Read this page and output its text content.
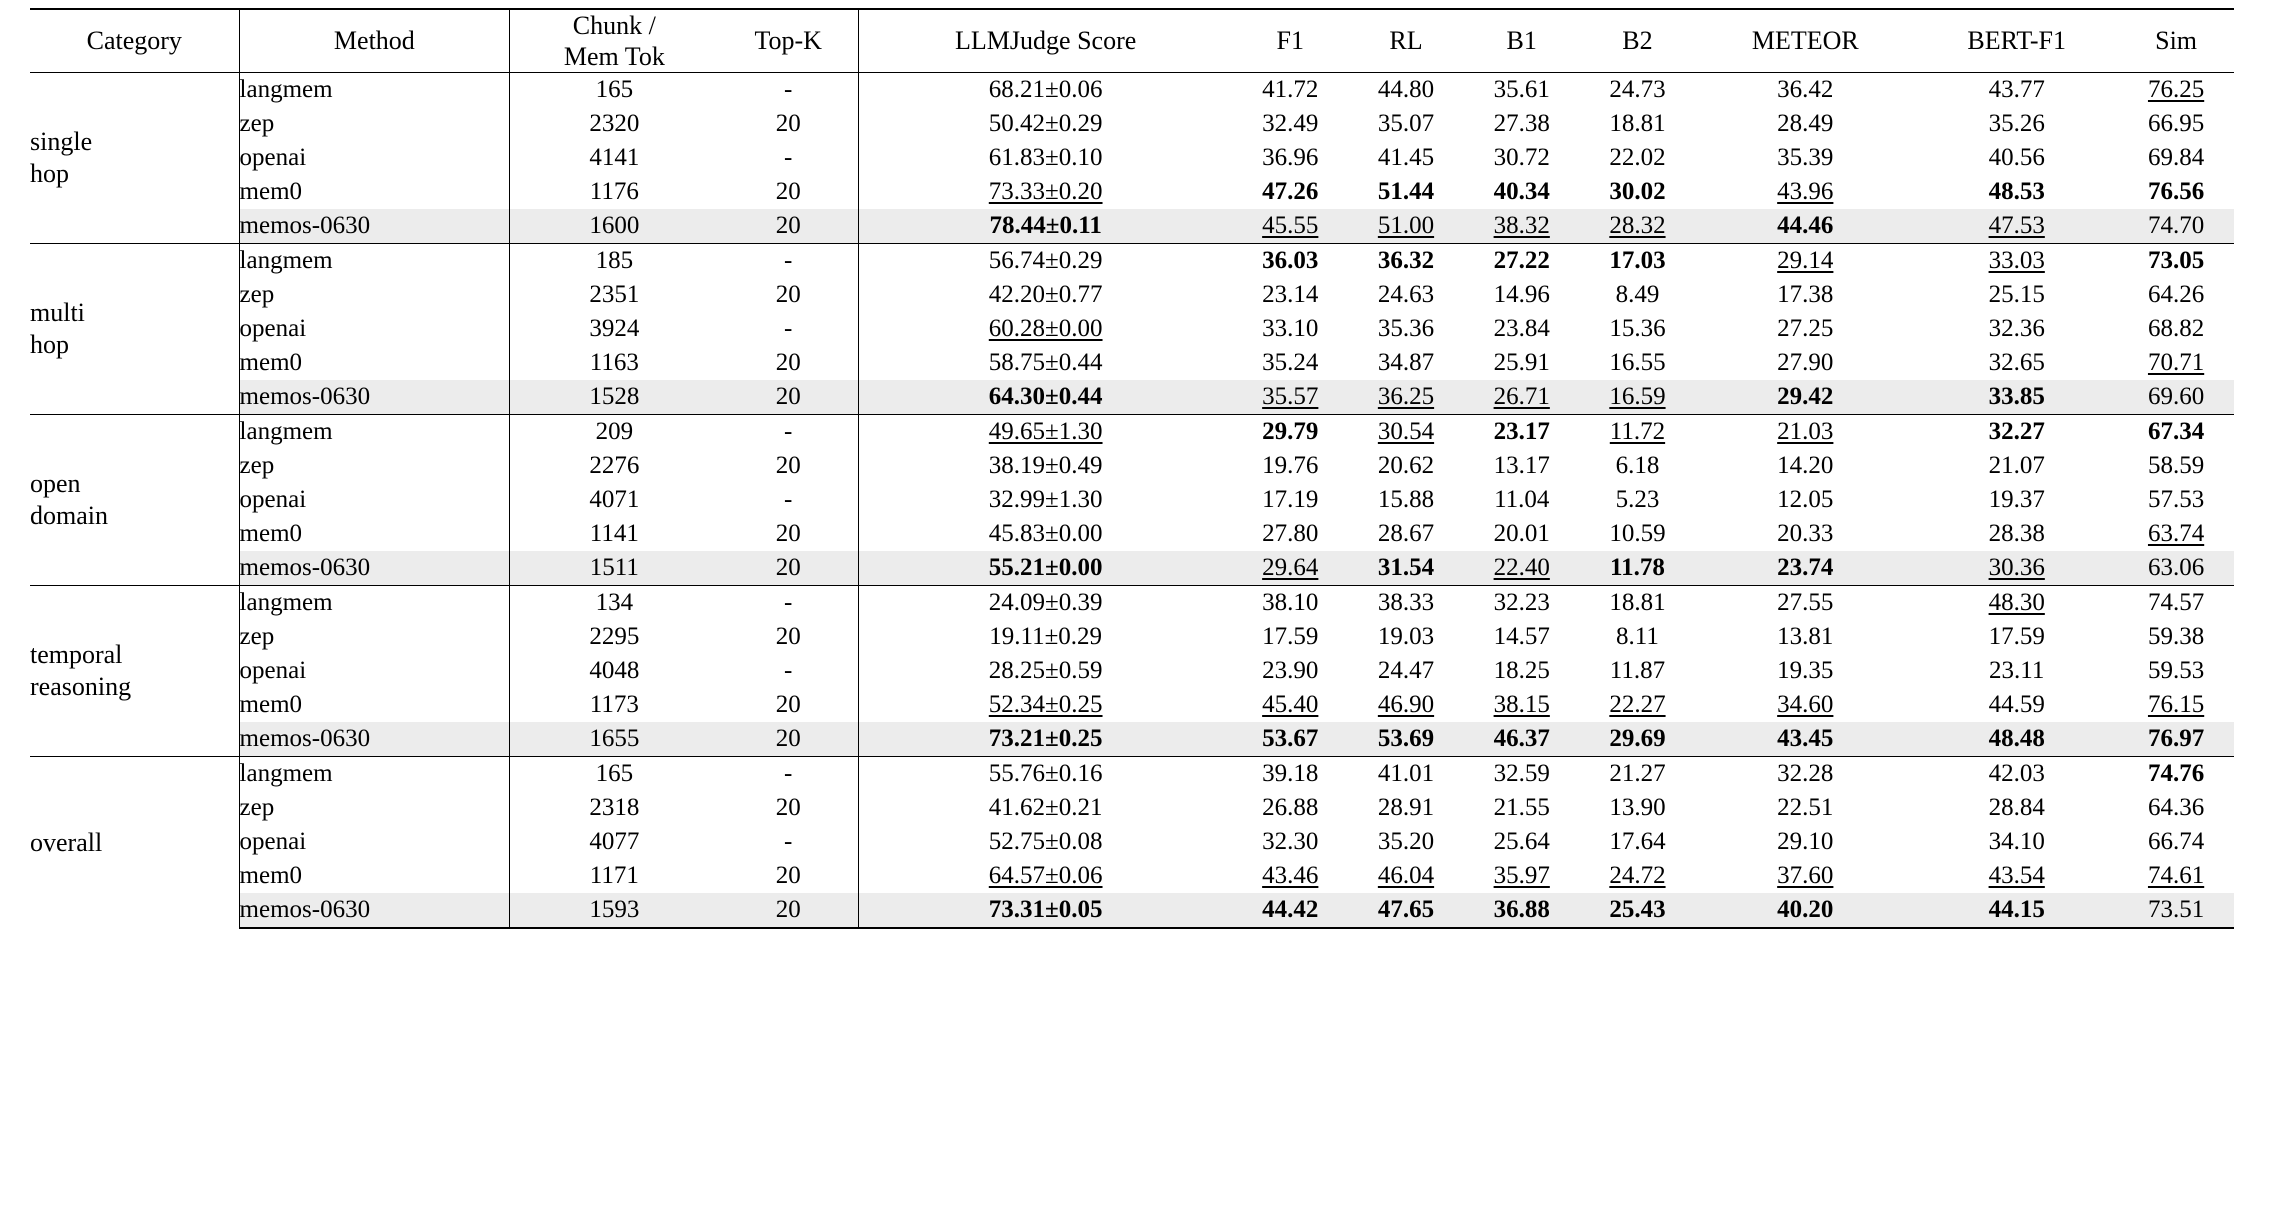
Category	Method	Chunk /
Mem Tok	Top-K	LLMJudge Score	F1	RL	B1	B2	METEOR	BERT-F1	Sim

single
hop	langmem	165	-	68.21±0.06	41.72	44.80	35.61	24.73	36.42	43.77	76.25
	zep	2320	20	50.42±0.29	32.49	35.07	27.38	18.81	28.49	35.26	66.95
	openai	4141	-	61.83±0.10	36.96	41.45	30.72	22.02	35.39	40.56	69.84
	mem0	1176	20	73.33±0.20	47.26	51.44	40.34	30.02	43.96	48.53	76.56
	memos-0630	1600	20	78.44±0.11	45.55	51.00	38.32	28.32	44.46	47.53	74.70

multi
hop	langmem	185	-	56.74±0.29	36.03	36.32	27.22	17.03	29.14	33.03	73.05
	zep	2351	20	42.20±0.77	23.14	24.63	14.96	8.49	17.38	25.15	64.26
	openai	3924	-	60.28±0.00	33.10	35.36	23.84	15.36	27.25	32.36	68.82
	mem0	1163	20	58.75±0.44	35.24	34.87	25.91	16.55	27.90	32.65	70.71
	memos-0630	1528	20	64.30±0.44	35.57	36.25	26.71	16.59	29.42	33.85	69.60

open
domain	langmem	209	-	49.65±1.30	29.79	30.54	23.17	11.72	21.03	32.27	67.34
	zep	2276	20	38.19±0.49	19.76	20.62	13.17	6.18	14.20	21.07	58.59
	openai	4071	-	32.99±1.30	17.19	15.88	11.04	5.23	12.05	19.37	57.53
	mem0	1141	20	45.83±0.00	27.80	28.67	20.01	10.59	20.33	28.38	63.74
	memos-0630	1511	20	55.21±0.00	29.64	31.54	22.40	11.78	23.74	30.36	63.06

temporal
reasoning	langmem	134	-	24.09±0.39	38.10	38.33	32.23	18.81	27.55	48.30	74.57
	zep	2295	20	19.11±0.29	17.59	19.03	14.57	8.11	13.81	17.59	59.38
	openai	4048	-	28.25±0.59	23.90	24.47	18.25	11.87	19.35	23.11	59.53
	mem0	1173	20	52.34±0.25	45.40	46.90	38.15	22.27	34.60	44.59	76.15
	memos-0630	1655	20	73.21±0.25	53.67	53.69	46.37	29.69	43.45	48.48	76.97

overall	langmem	165	-	55.76±0.16	39.18	41.01	32.59	21.27	32.28	42.03	74.76
	zep	2318	20	41.62±0.21	26.88	28.91	21.55	13.90	22.51	28.84	64.36
	openai	4077	-	52.75±0.08	32.30	35.20	25.64	17.64	29.10	34.10	66.74
	mem0	1171	20	64.57±0.06	43.46	46.04	35.97	24.72	37.60	43.54	74.61
	memos-0630	1593	20	73.31±0.05	44.42	47.65	36.88	25.43	40.20	44.15	73.51
